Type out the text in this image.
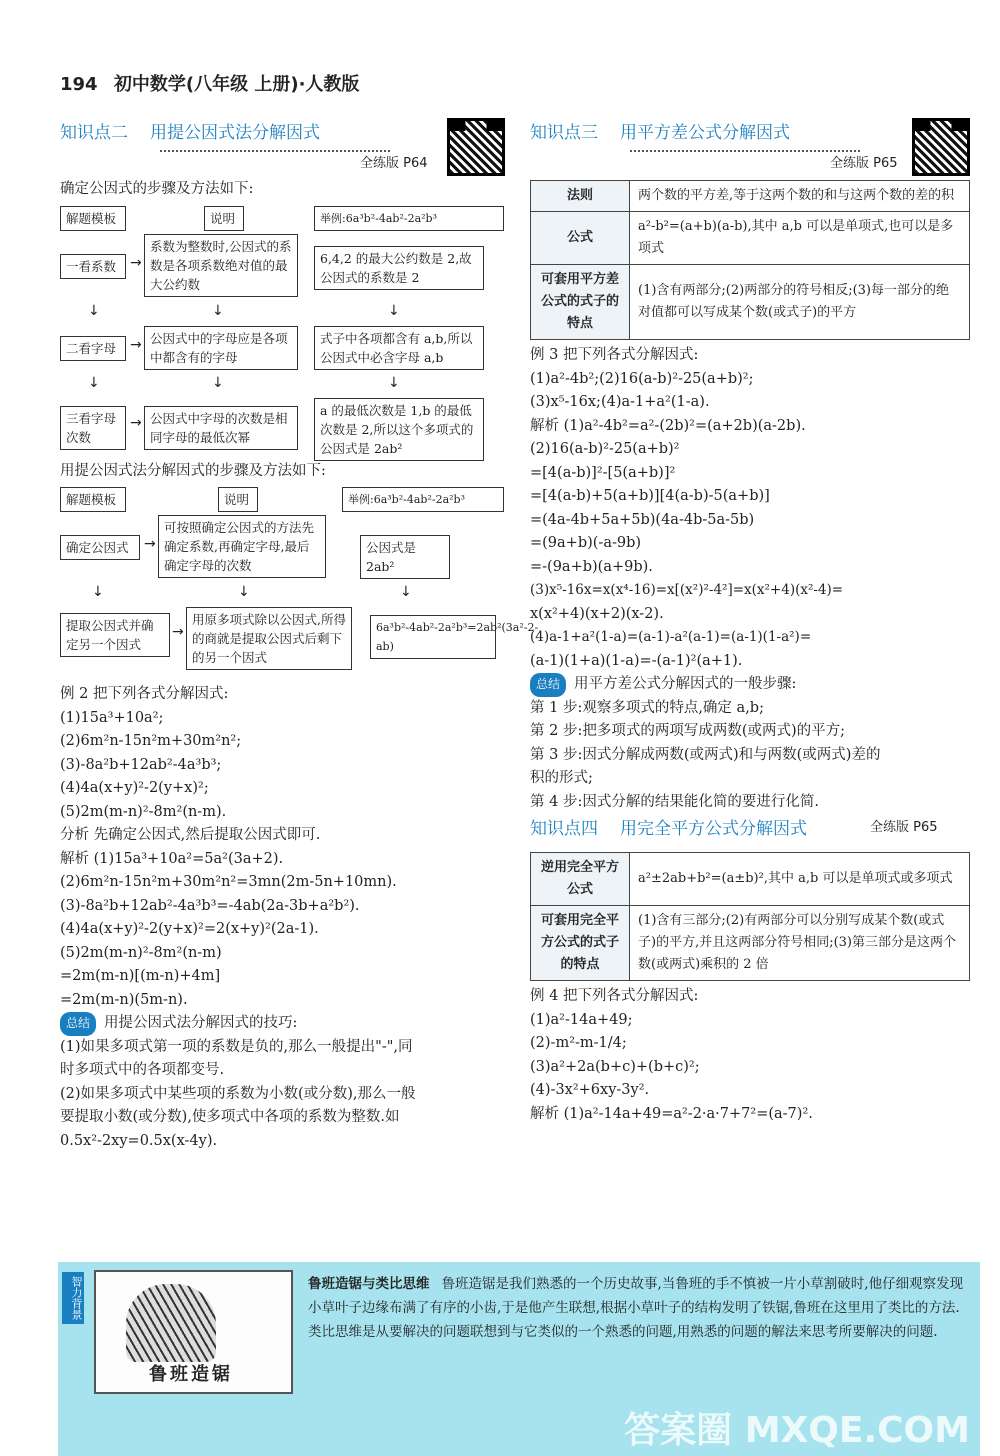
194 初中数学(八年级 上册)·人教版
知识点二 用提公因式法分解因式
全练版 P64

确定公因式的步骤及方法如下:

解题模板	说明	举例:6a³b²-4ab²-2a²b³
一看系数 →
系数为整数时,公因式的系数是各项系数绝对值的最大公约数
6,4,2 的最大公约数是 2,故公因式的系数是 2
↓	↓	↓
二看字母 → 公因式中的字母应是各项中都含有的字母
式子中各项都含有 a,b,所以公因式中必含字母 a,b
↓	↓	↓
三看字母次数
→ 公因式中字母的次数是相同字母的最低次幂
a 的最低次数是 1,b 的最低次数是 2,所以这个多项式的公因式是 2ab²

用提公因式法分解因式的步骤及方法如下:

解题模板	说明	举例:6a³b²-4ab²-2a²b³
确定公因式	→
可按照确定公因式的方法先确定系数,再确定字母,最后确定字母的次数
公因式是 2ab²
↓	↓	↓
提取公因式并确定另一个因式
→
用原多项式除以公因式,所得的商就是提取公因式后剩下的另一个因式
6a³b²-4ab²-2a²b³=2ab²(3a²-2-ab)

例 2 把下列各式分解因式:

(1)15a³+10a²;

(2)6m²n-15n²m+30m²n²;

(3)-8a²b+12ab²-4a³b³;

(4)4a(x+y)²-2(y+x)²;

(5)2m(m-n)²-8m²(n-m).

分析 先确定公因式,然后提取公因式即可.

解析 (1)15a³+10a²=5a²(3a+2).

(2)6m²n-15n²m+30m²n²=3mn(2m-5n+10mn).

(3)-8a²b+12ab²-4a³b³=-4ab(2a-3b+a²b²).

(4)4a(x+y)²-2(y+x)²=2(x+y)²(2a-1).

(5)2m(m-n)²-8m²(n-m)

=2m(m-n)[(m-n)+4m]

=2m(m-n)(5m-n).

总结 用提公因式法分解因式的技巧:

(1)如果多项式第一项的系数是负的,那么一般提出"-",同

时多项式中的各项都变号.

(2)如果多项式中某些项的系数为小数(或分数),那么一般

要提取小数(或分数),使多项式中各项的系数为整数.如

0.5x²-2xy=0.5x(x-4y).

知识点三 用平方差公式分解因式
全练版 P65
法则	两个数的平方差,等于这两个数的和与这两个数的差的积
公式	a²-b²=(a+b)(a-b),其中 a,b 可以是单项式,也可以是多项式
可套用平方差公式的式子的特点	(1)含有两部分;(2)两部分的符号相反;(3)每一部分的绝对值都可以写成某个数(或式子)的平方

例 3 把下列各式分解因式:

(1)a²-4b²;(2)16(a-b)²-25(a+b)²;

(3)x⁵-16x;(4)a-1+a²(1-a).

解析 (1)a²-4b²=a²-(2b)²=(a+2b)(a-2b).

(2)16(a-b)²-25(a+b)²

=[4(a-b)]²-[5(a+b)]²

=[4(a-b)+5(a+b)][4(a-b)-5(a+b)]

=(4a-4b+5a+5b)(4a-4b-5a-5b)

=(9a+b)(-a-9b)

=-(9a+b)(a+9b).

(3)x⁵-16x=x(x⁴-16)=x[(x²)²-4²]=x(x²+4)(x²-4)=

x(x²+4)(x+2)(x-2).

(4)a-1+a²(1-a)=(a-1)-a²(a-1)=(a-1)(1-a²)=

(a-1)(1+a)(1-a)=-(a-1)²(a+1).

总结 用平方差公式分解因式的一般步骤:

第 1 步:观察多项式的特点,确定 a,b;

第 2 步:把多项式的两项写成两数(或两式)的平方;

第 3 步:因式分解成两数(或两式)和与两数(或两式)差的

积的形式;

第 4 步:因式分解的结果能化简的要进行化简.

知识点四 用完全平方公式分解因式	全练版 P65
逆用完全平方公式	a²±2ab+b²=(a±b)²,其中 a,b 可以是单项式或多项式
可套用完全平方公式的式子的特点	(1)含有三部分;(2)有两部分可以分别写成某个数(或式子)的平方,并且这两部分符号相同;(3)第三部分是这两个数(或两式)乘积的 2 倍

例 4 把下列各式分解因式:

(1)a²-14a+49;

(2)-m²-m-1/4;

(3)a²+2a(b+c)+(b+c)²;

(4)-3x²+6xy-3y².

解析 (1)a²-14a+49=a²-2·a·7+7²=(a-7)².

智力背景
鲁班造锯
鲁班造锯与类比思维 鲁班造锯是我们熟悉的一个历史故事,当鲁班的手不慎被一片小草割破时,他仔细观察发现小草叶子边缘布满了有序的小齿,于是他产生联想,根据小草叶子的结构发明了铁锯,鲁班在这里用了类比的方法.类比思维是从要解决的问题联想到与它类似的一个熟悉的问题,用熟悉的问题的解法来思考所要解决的问题.
答案圈 MXQE.COM
